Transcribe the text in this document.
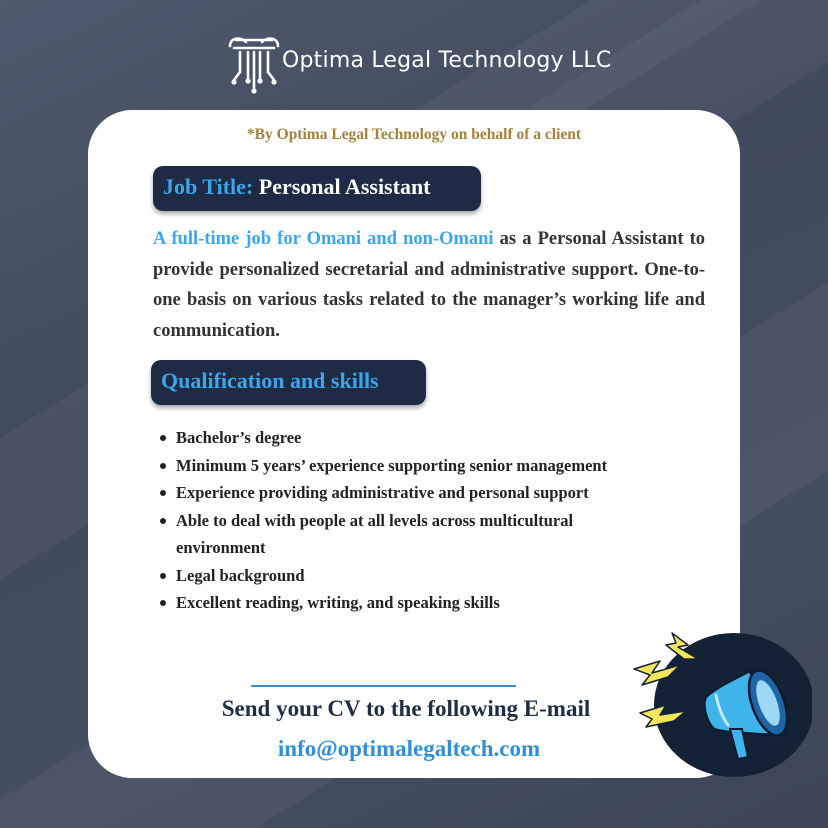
Optima Legal Technology LLC
*By Optima Legal Technology on behalf of a client
Job Title: Personal Assistant

A full-time job for Omani and non-Omani as a Personal Assistant to provide personalized secretarial and administrative support. One-to-one basis on various tasks related to the manager’s working life and communication.

Qualification and skills
Bachelor’s degree
Minimum 5 years’ experience supporting senior management
Experience providing administrative and personal support
Able to deal with people at all levels across multicultural environment
Legal background
Excellent reading, writing, and speaking skills
Send your CV to the following E-mail
info@optimalegaltech.com
